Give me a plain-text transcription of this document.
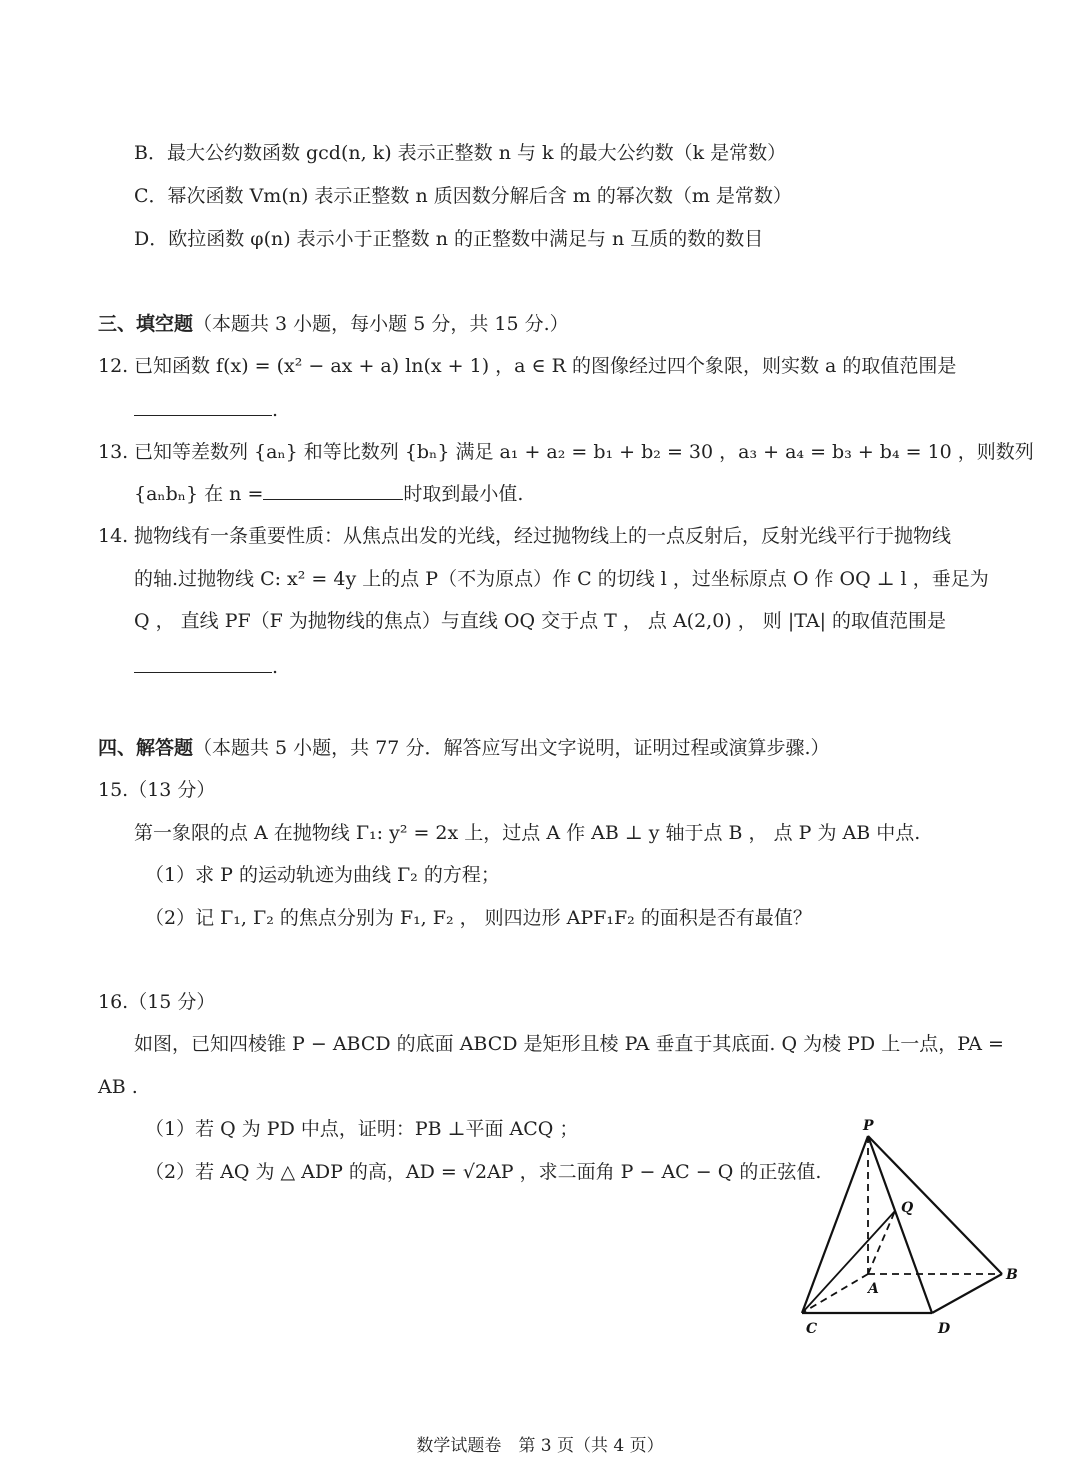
B．最大公约数函数 gcd(n, k) 表示正整数 n 与 k 的最大公约数（k 是常数）
C．幂次函数 Vm(n) 表示正整数 n 质因数分解后含 m 的幂次数（m 是常数）
D．欧拉函数 φ(n) 表示小于正整数 n 的正整数中满足与 n 互质的数的数目
三、填空题（本题共 3 小题，每小题 5 分，共 15 分.）
12. 已知函数 f(x) = (x² − ax + a) ln(x + 1) ，a ∈ R 的图像经过四个象限，则实数 a 的取值范围是
.
13. 已知等差数列 {aₙ} 和等比数列 {bₙ} 满足 a₁ + a₂ = b₁ + b₂ = 30 ，a₃ + a₄ = b₃ + b₄ = 10 ，则数列
{aₙbₙ} 在 n =	时取到最小值.
14. 抛物线有一条重要性质：从焦点出发的光线，经过抛物线上的一点反射后，反射光线平行于抛物线
的轴.过抛物线 C: x² = 4y 上的点 P（不为原点）作 C 的切线 l ，过坐标原点 O 作 OQ ⊥ l ，垂足为
Q ， 直线 PF（F 为抛物线的焦点）与直线 OQ 交于点 T ， 点 A(2,0) ， 则 |TA| 的取值范围是
.
四、解答题（本题共 5 小题，共 77 分．解答应写出文字说明，证明过程或演算步骤.）
15.（13 分）
第一象限的点 A 在抛物线 Γ₁: y² = 2x 上，过点 A 作 AB ⊥ y 轴于点 B ， 点 P 为 AB 中点.
（1）求 P 的运动轨迹为曲线 Γ₂ 的方程；
（2）记 Γ₁, Γ₂ 的焦点分别为 F₁, F₂ ， 则四边形 APF₁F₂ 的面积是否有最值？
16.（15 分）
如图，已知四棱锥 P − ABCD 的底面 ABCD 是矩形且棱 PA 垂直于其底面. Q 为棱 PD 上一点，PA =
AB .
（1）若 Q 为 PD 中点，证明：PB ⊥平面 ACQ ；
（2）若 AQ 为 △ ADP 的高，AD = √2AP ，求二面角 P − AC − Q 的正弦值.
P
Q
A
B
C	D
数学试题卷　第 3 页（共 4 页）
